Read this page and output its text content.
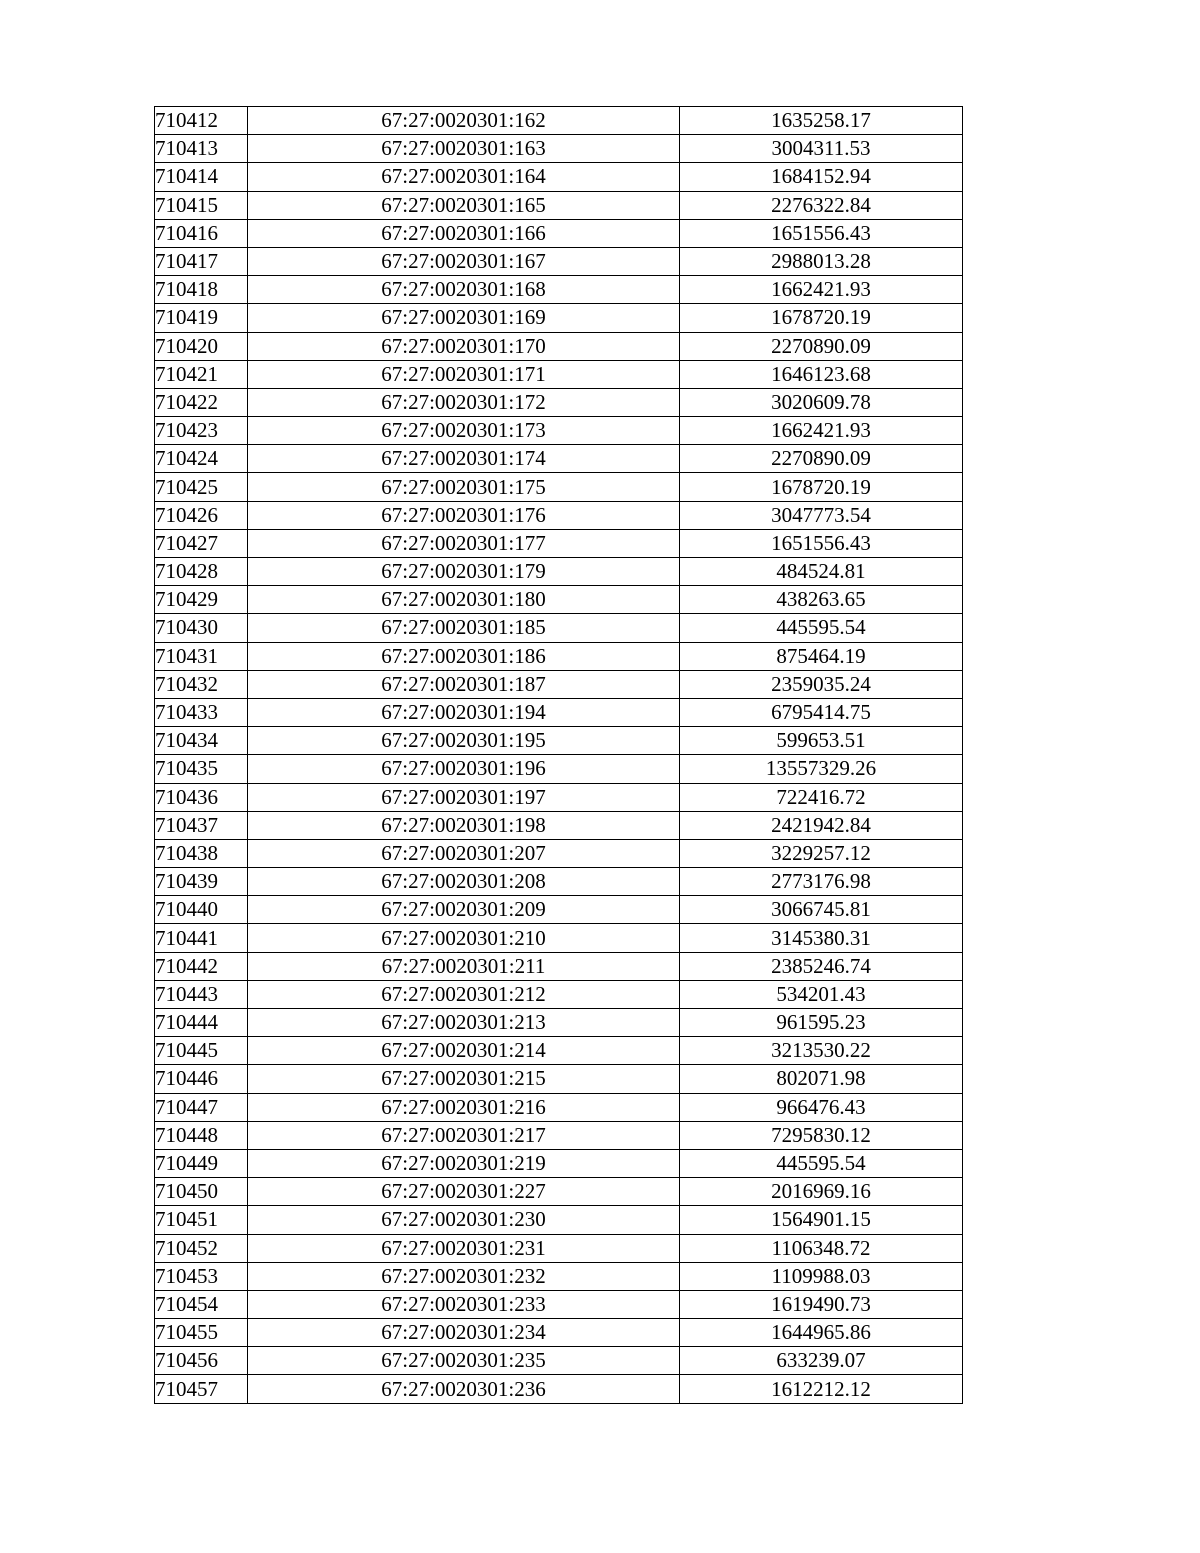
710412	67:27:0020301:162	1635258.17
710413	67:27:0020301:163	3004311.53
710414	67:27:0020301:164	1684152.94
710415	67:27:0020301:165	2276322.84
710416	67:27:0020301:166	1651556.43
710417	67:27:0020301:167	2988013.28
710418	67:27:0020301:168	1662421.93
710419	67:27:0020301:169	1678720.19
710420	67:27:0020301:170	2270890.09
710421	67:27:0020301:171	1646123.68
710422	67:27:0020301:172	3020609.78
710423	67:27:0020301:173	1662421.93
710424	67:27:0020301:174	2270890.09
710425	67:27:0020301:175	1678720.19
710426	67:27:0020301:176	3047773.54
710427	67:27:0020301:177	1651556.43
710428	67:27:0020301:179	484524.81
710429	67:27:0020301:180	438263.65
710430	67:27:0020301:185	445595.54
710431	67:27:0020301:186	875464.19
710432	67:27:0020301:187	2359035.24
710433	67:27:0020301:194	6795414.75
710434	67:27:0020301:195	599653.51
710435	67:27:0020301:196	13557329.26
710436	67:27:0020301:197	722416.72
710437	67:27:0020301:198	2421942.84
710438	67:27:0020301:207	3229257.12
710439	67:27:0020301:208	2773176.98
710440	67:27:0020301:209	3066745.81
710441	67:27:0020301:210	3145380.31
710442	67:27:0020301:211	2385246.74
710443	67:27:0020301:212	534201.43
710444	67:27:0020301:213	961595.23
710445	67:27:0020301:214	3213530.22
710446	67:27:0020301:215	802071.98
710447	67:27:0020301:216	966476.43
710448	67:27:0020301:217	7295830.12
710449	67:27:0020301:219	445595.54
710450	67:27:0020301:227	2016969.16
710451	67:27:0020301:230	1564901.15
710452	67:27:0020301:231	1106348.72
710453	67:27:0020301:232	1109988.03
710454	67:27:0020301:233	1619490.73
710455	67:27:0020301:234	1644965.86
710456	67:27:0020301:235	633239.07
710457	67:27:0020301:236	1612212.12
